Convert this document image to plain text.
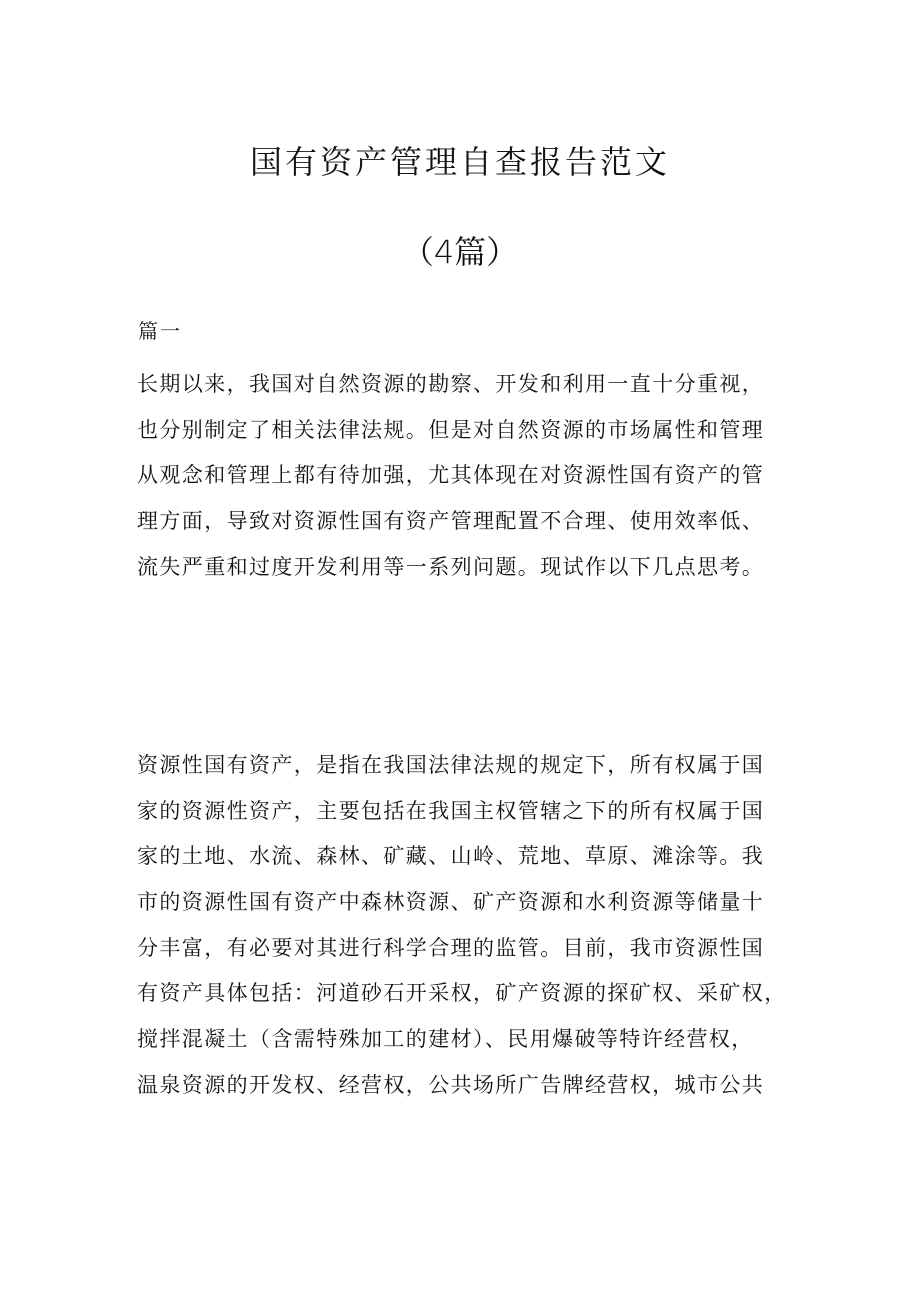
国有资产管理自查报告范文
（4篇）
篇一
长期以来，我国对自然资源的勘察、开发和利用一直十分重视，
也分别制定了相关法律法规。但是对自然资源的市场属性和管理
从观念和管理上都有待加强，尤其体现在对资源性国有资产的管
理方面，导致对资源性国有资产管理配置不合理、使用效率低、
流失严重和过度开发利用等一系列问题。现试作以下几点思考。
资源性国有资产，是指在我国法律法规的规定下，所有权属于国
家的资源性资产，主要包括在我国主权管辖之下的所有权属于国
家的土地、水流、森林、矿藏、山岭、荒地、草原、滩涂等。我
市的资源性国有资产中森林资源、矿产资源和水利资源等储量十
分丰富，有必要对其进行科学合理的监管。目前，我市资源性国
有资产具体包括：河道砂石开采权，矿产资源的探矿权、采矿权，
搅拌混凝土（含需特殊加工的建材）、民用爆破等特许经营权，
温泉资源的开发权、经营权，公共场所广告牌经营权，城市公共
